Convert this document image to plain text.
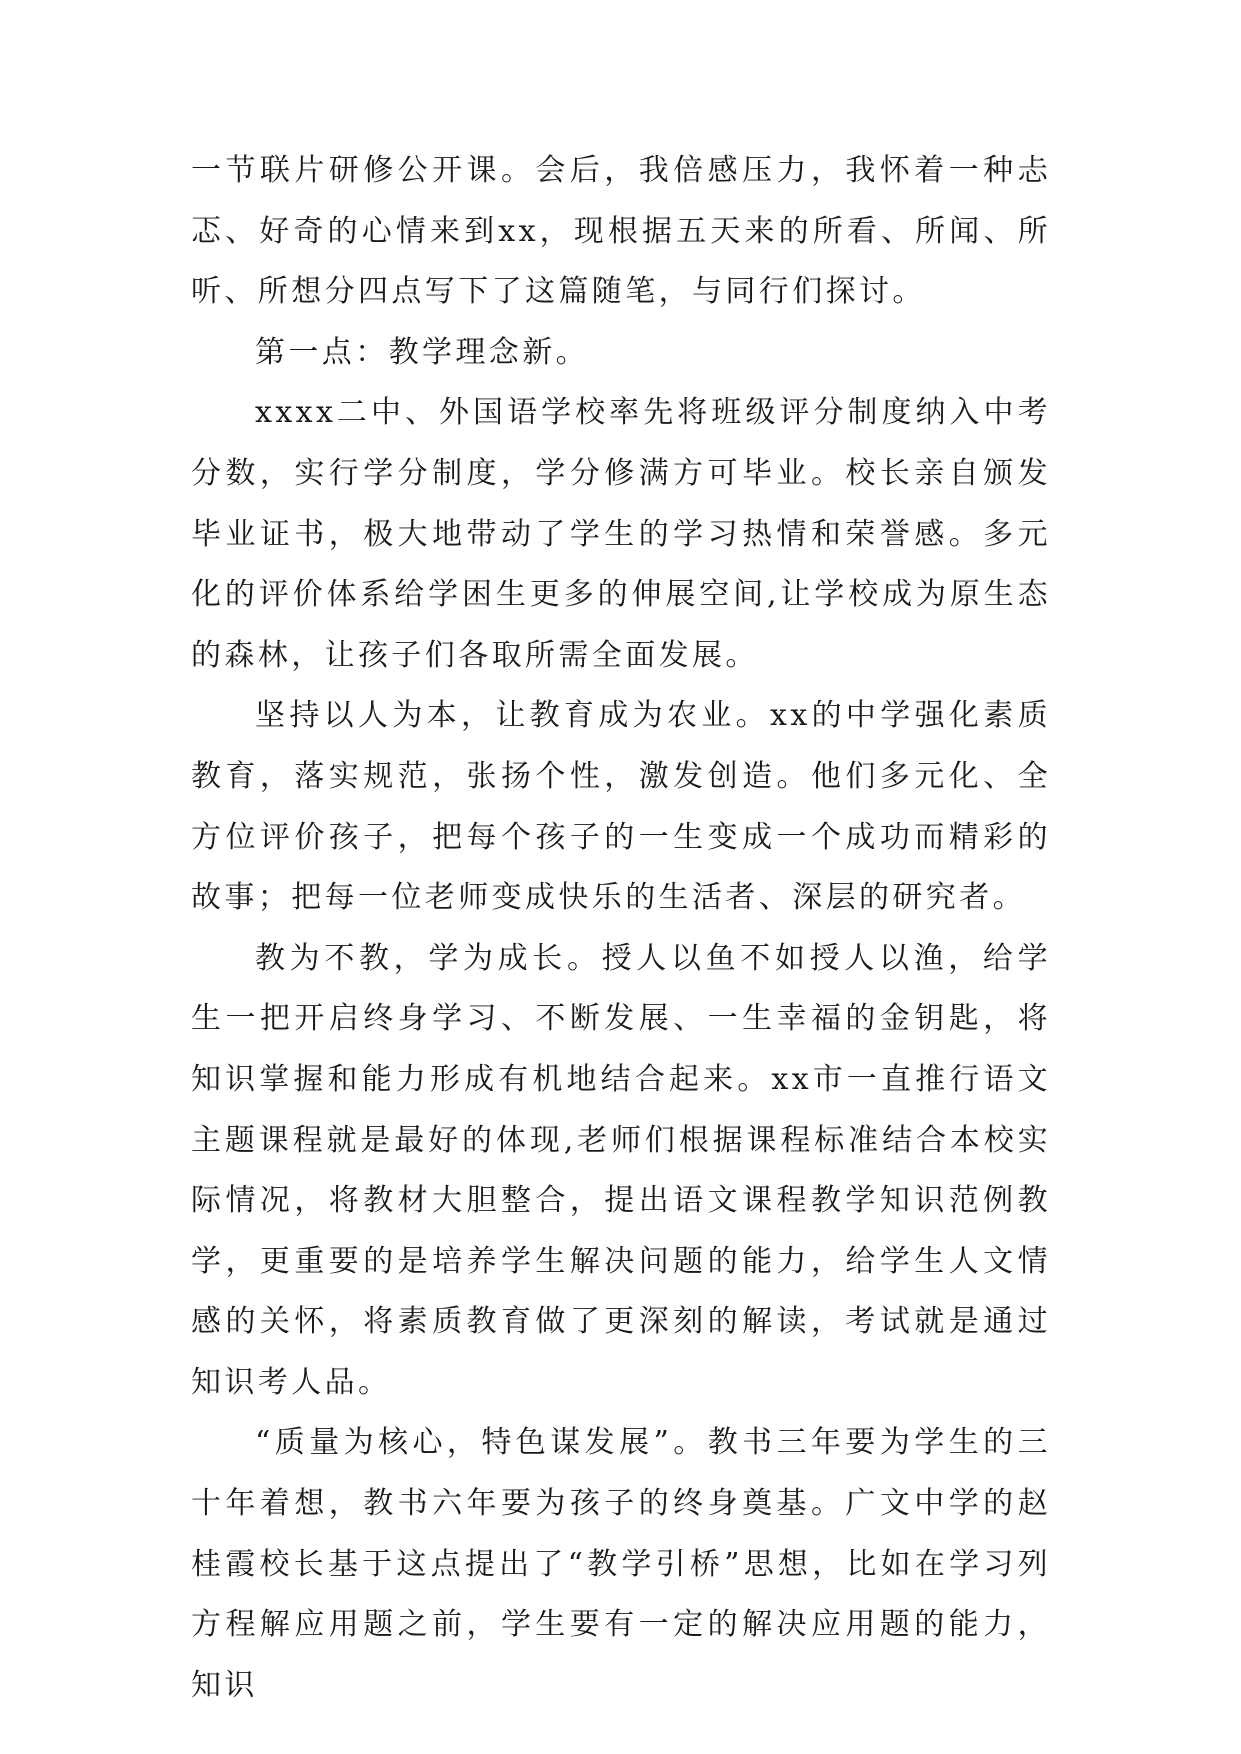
一节联片研修公开课。会后，我倍感压力，我怀着一种忐忑、好奇的心情来到xx，现根据五天来的所看、所闻、所听、所想分四点写下了这篇随笔，与同行们探讨。

第一点：教学理念新。

xxxx二中、外国语学校率先将班级评分制度纳入中考分数，实行学分制度，学分修满方可毕业。校长亲自颁发毕业证书，极大地带动了学生的学习热情和荣誉感。多元化的评价体系给学困生更多的伸展空间,让学校成为原生态的森林，让孩子们各取所需全面发展。

坚持以人为本，让教育成为农业。xx的中学强化素质教育，落实规范，张扬个性，激发创造。他们多元化、全方位评价孩子，把每个孩子的一生变成一个成功而精彩的故事；把每一位老师变成快乐的生活者、深层的研究者。

教为不教，学为成长。授人以鱼不如授人以渔，给学生一把开启终身学习、不断发展、一生幸福的金钥匙，将知识掌握和能力形成有机地结合起来。xx市一直推行语文主题课程就是最好的体现,老师们根据课程标准结合本校实际情况，将教材大胆整合，提出语文课程教学知识范例教学，更重要的是培养学生解决问题的能力，给学生人文情感的关怀，将素质教育做了更深刻的解读，考试就是通过知识考人品。

“质量为核心，特色谋发展”。教书三年要为学生的三十年着想，教书六年要为孩子的终身奠基。广文中学的赵桂霞校长基于这点提出了“教学引桥”思想，比如在学习列方程解应用题之前，学生要有一定的解决应用题的能力，知识
